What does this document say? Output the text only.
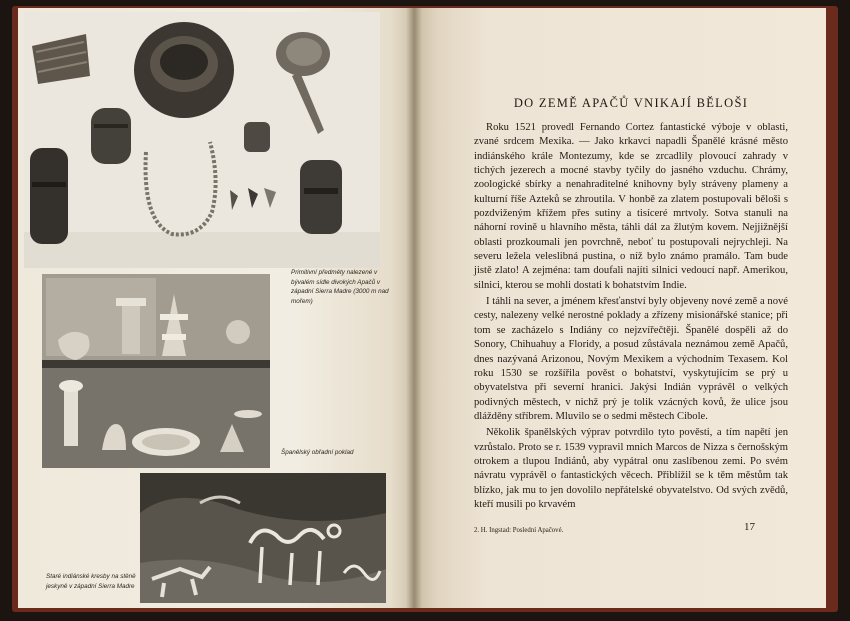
Primitivní předměty nalezené v bývalém sídle divokých Apačů v západní Sierra Madre (3000 m nad mořem)
Španělský obřadní poklad
Staré indiánské kresby na stěně jeskyně v západní Sierra Madre
DO ZEMĚ APAČŮ VNIKAJÍ BĚLOŠI

Roku 1521 provedl Fernando Cortez fantastické výboje v oblasti, zvané srdcem Mexika. — Jako krkavci napadli Španělé krásné město indiánského krále Montezumy, kde se zrcadlily plovoucí zahrady v tichých jezerech a mocné stavby tyčily do jasného vzduchu. Chrámy, zoologické sbírky a nenahraditelné knihovny byly stráveny plameny a kulturní říše Azteků se zhroutila. V honbě za zlatem postupovali běloši s pozdviženým křížem přes sutiny a tisíceré mrtvoly. Sotva stanuli na náhorní rovině u hlavního města, táhli dál za žlutým kovem. Nejjižnější oblasti prozkoumali jen povrchně, neboť tu postupovali nejrychleji. Na severu ležela veleslibná pustina, o níž bylo známo pramálo. Tam bude jistě zlato! A zejména: tam doufali najíti silnici vedoucí např. Amerikou, silnici, kterou se mohli dostati k bohatstvím Indie.

I táhli na sever, a jménem křesťanství byly objeveny nové země a nové cesty, nalezeny velké nerostné poklady a zřízeny misionářské stanice; při tom se zacházelo s Indiány co nejzvířečtěji. Španělé dospěli až do Sonory, Chihuahuy a Floridy, a posud zůstávala neznámou země Apačů, dnes nazývaná Arizonou, Novým Mexikem a východním Texasem. Kol roku 1530 se rozšířila pověst o bohatství, vyskytujícím se prý u obyvatelstva při severní hranici. Jakýsi Indián vyprávěl o velkých podivných městech, v nichž prý je tolik vzácných kovů, že ulice jsou dlážděny stříbrem. Mluvilo se o sedmi městech Cibole.

Několik španělských výprav potvrdilo tyto pověsti, a tím napětí jen vzrůstalo. Proto se r. 1539 vypravil mnich Marcos de Nizza s černošským otrokem a tlupou Indiánů, aby vypátral onu zaslíbenou zemi. Po svém návratu vyprávěl o fantastických věcech. Přiblížil se k těm městům tak blízko, jak mu to jen dovolilo nepřátelské obyvatelstvo. Od svých zvědů, kteří musili po krvavém

2. H. Ingstad: Poslední Apačové.	17
